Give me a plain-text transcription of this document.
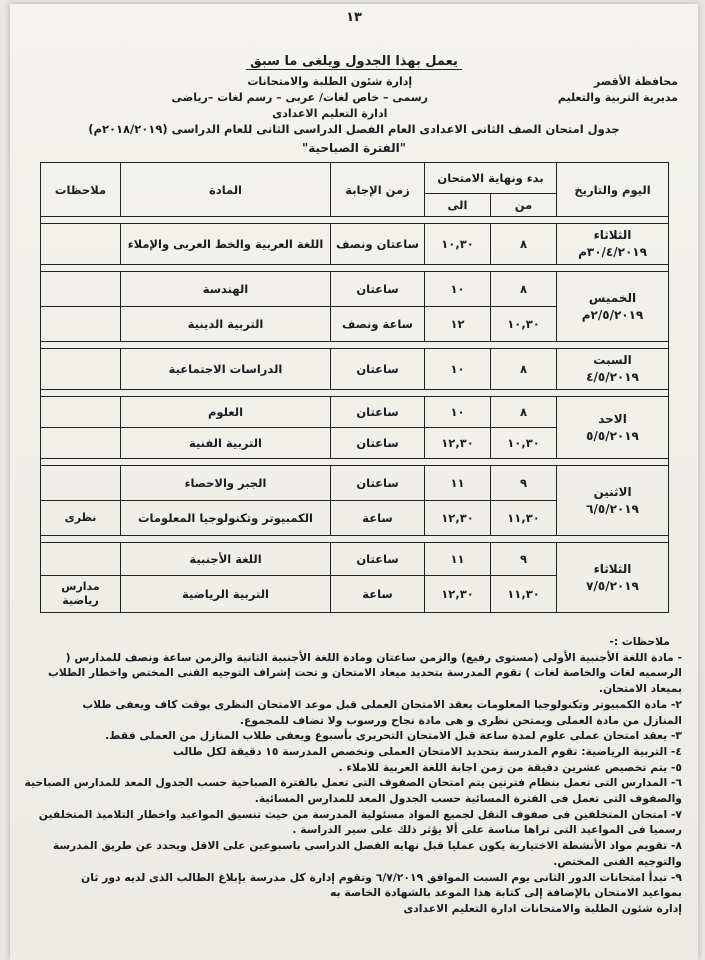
١٣
يعمل بهذا الجدول ويلغى ما سبق
محافظة الأقصر
مديرية التربية والتعليم
إدارة شئون الطلبة والامتحانات
رسمى – خاص لغات/ عربى – رسم لغات –رياضى
ادارة التعليم الاعدادى
جدول امتحان الصف الثانى الاعدادى العام الفصل الدراسى الثانى للعام الدراسى (٢٠١٨/٢٠١٩م)
"الفترة الصباحية"
اليوم والتاريخ	بدء ونهاية الامتحان		زمن الإجابة	المادة	ملاحظات
	من	الى			

الثلاثاء
٣٠/٤/٢٠١٩م	٨	١٠,٣٠	ساعتان ونصف	اللغة العربية والخط العربى والإملاء	

الخميس
٢/٥/٢٠١٩م	٨	١٠	ساعتان	الهندسة	
	١٠,٣٠	١٢	ساعة ونصف	التربية الدينية	

السبت
٤/٥/٢٠١٩	٨	١٠	ساعتان	الدراسات الاجتماعية	

الاحد
٥/٥/٢٠١٩	٨	١٠	ساعتان	العلوم	
	١٠,٣٠	١٢,٣٠	ساعتان	التربية الفنية	

الاثنين
٦/٥/٢٠١٩	٩	١١	ساعتان	الجبر والاحصاء	
	١١,٣٠	١٢,٣٠	ساعة	الكمبيوتر وتكنولوجيا المعلومات	نظرى

الثلاثاء
٧/٥/٢٠١٩	٩	١١	ساعتان	اللغة الأجنبية	
	١١,٣٠	١٢,٣٠	ساعة	التربية الرياضية	مدارس رياضية
ملاحظات :-
- مادة اللغة الأجنبية الأولى (مستوى رفيع) والزمن ساعتان ومادة اللغة الأجنبية الثانية والزمن ساعة ونصف للمدارس (
الرسميه لغات والخاصة لغات ) تقوم المدرسة بتحديد ميعاد الامتحان و تحت إشراف التوجيه الفنى المختص واخطار الطلاب
بميعاد الامتحان.
٢- مادة الكمبيوتر وتكنولوجيا المعلومات يعقد الامتحان العملى قبل موعد الامتحان النظرى بوقت كاف ويعفى طلاب
المنازل من مادة العملى ويمتحن نظرى و هى مادة نجاح ورسوب ولا تضاف للمجموع.
٣- يعقد امتحان عملى علوم لمدة ساعة قبل الامتحان التحريرى بأسبوع ويعفى طلاب المنازل من العملى فقط.
٤- التربية الرياضية: تقوم المدرسة بتحديد الامتحان العملى وتخصص المدرسة ١٥ دقيقة لكل طالب
٥- يتم تخصيص عشرين دقيقة من زمن اجابة اللغة العربية للاملاء .
٦- المدارس التى تعمل بنظام فترتين يتم امتحان الصفوف التى تعمل بالفترة الصباحية حسب الجدول المعد للمدارس الصباحية
والصفوف التى تعمل فى الفترة المسائية حسب الجدول المعد للمدارس المسائية.
٧- امتحان المتخلفين فى صفوف النقل لجميع المواد مسئولية المدرسة من حيث تنسيق المواعيد واخطار التلاميذ المتخلفين
رسميا فى المواعيد التى تراها مناسة على ألا يؤثر ذلك على سير الدراسة .
٨- تقويم مواد الأنشطة الاختيارية يكون عمليا قبل نهايه الفصل الدراسى باسبوعين على الاقل ويحدد عن طريق المدرسة
والتوجيه الفنى المختص.
٩- تبدأ امتحانات الدور الثانى يوم السبت الموافق ٦/٧/٢٠١٩ وتقوم إدارة كل مدرسة بإبلاغ الطالب الذى لديه دور ثان
بمواعيد الامتحان بالإضافة إلى كتابة هذا الموعد بالشهادة الخاصة به
إدارة شئون الطلبة والامتحانات ادارة التعليم الاعدادى
